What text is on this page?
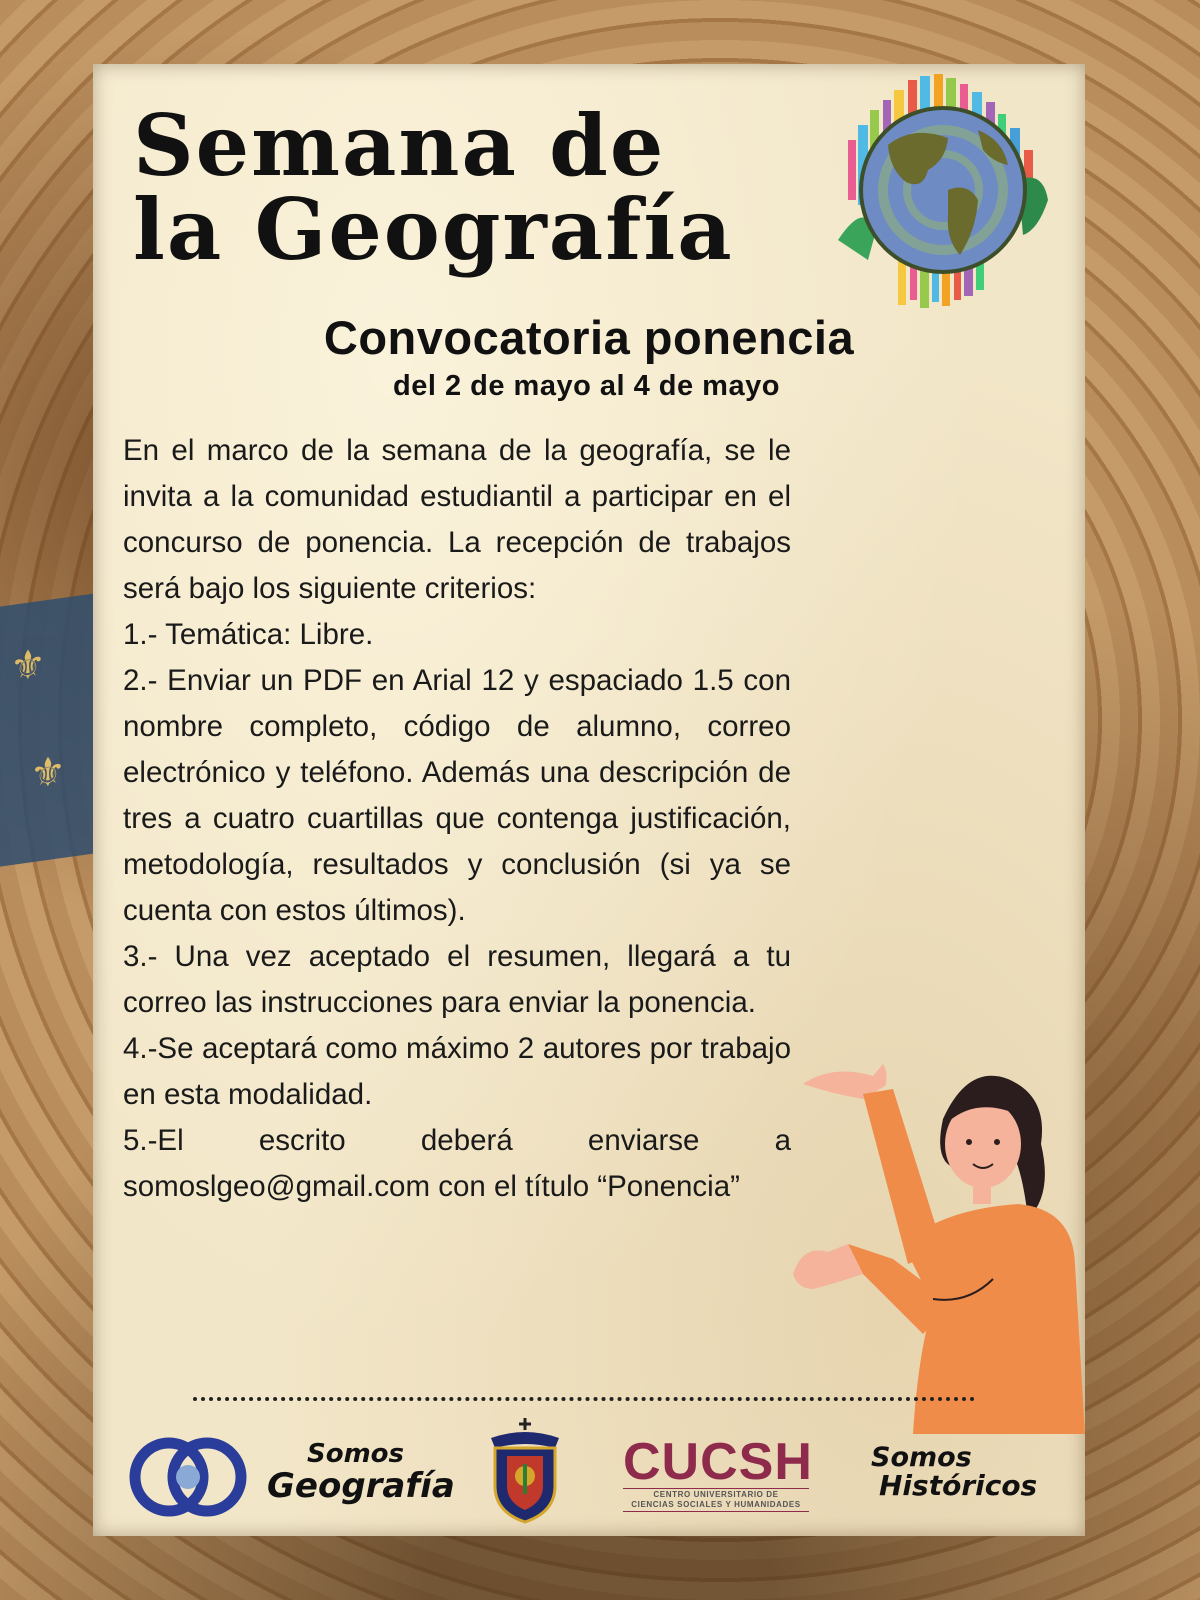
⚜
⚜
Semana de
la Geografía
Convocatoria ponencia
del 2 de mayo al 4 de mayo

En el marco de la semana de la geografía, se le invita a la comunidad estudiantil a participar en el concurso de ponencia. La recepción de trabajos será bajo los siguiente criterios:

1.- Temática: Libre.

2.- Enviar un PDF en Arial 12 y espaciado 1.5 con nombre completo, código de alumno, correo electrónico y teléfono. Además una descripción de tres a cuatro cuartillas que contenga justificación, metodología, resultados y conclusión (si ya se cuenta con estos últimos).

3.- Una vez aceptado el resumen, llegará a tu correo las instrucciones para enviar la ponencia.

4.-Se aceptará como máximo 2 autores por trabajo en esta modalidad.

5.-El escrito deberá enviarse a somoslgeo@gmail.com con el título “Ponencia”

Somos
Geografía	CUCSH
CENTRO UNIVERSITARIO DE
CIENCIAS SOCIALES Y HUMANIDADES
Somos
Históricos
